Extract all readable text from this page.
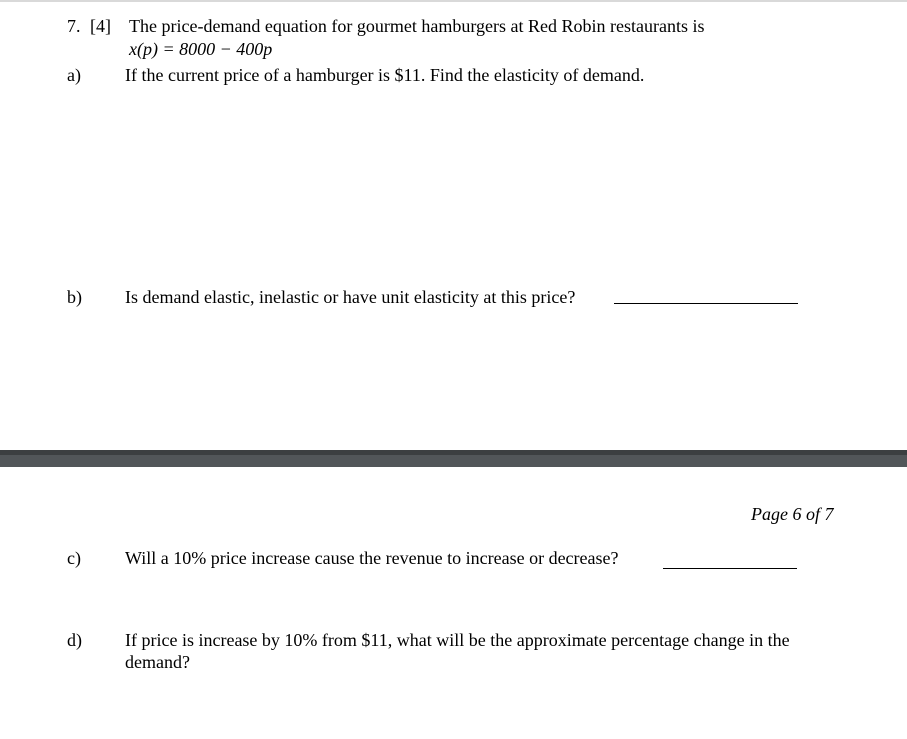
7. [4] The price-demand equation for gourmet hamburgers at Red Robin restaurants is
x(p) = 8000 − 400p
a) If the current price of a hamburger is $11. Find the elasticity of demand.
b) Is demand elastic, inelastic or have unit elasticity at this price?
Page 6 of 7
c) Will a 10% price increase cause the revenue to increase or decrease?
d) If price is increase by 10% from $11, what will be the approximate percentage change in the
demand?
